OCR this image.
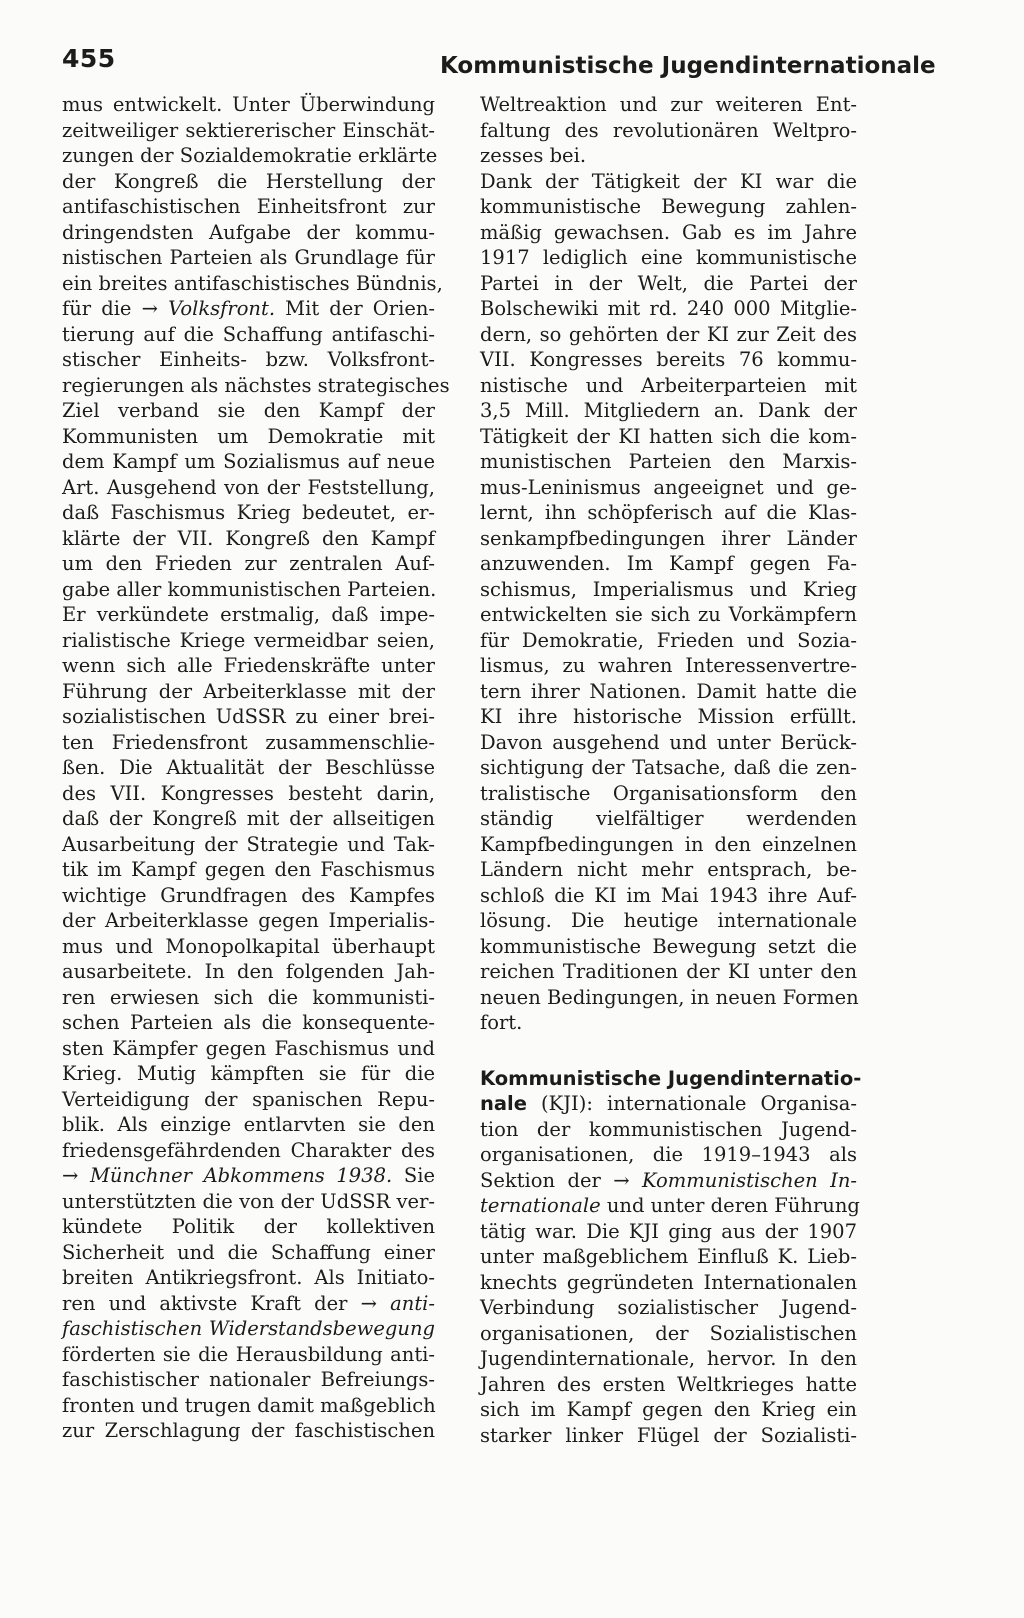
455	Kommunistische Jugendinternationale
mus entwickelt. Unter Überwindung
zeitweiliger sektiererischer Einschät-
zungen der Sozialdemokratie erklärte
der Kongreß die Herstellung der
antifaschistischen Einheitsfront zur
dringendsten Aufgabe der kommu-
nistischen Parteien als Grundlage für
ein breites antifaschistisches Bündnis,
für die → Volksfront. Mit der Orien-
tierung auf die Schaffung antifaschi-
stischer Einheits- bzw. Volksfront-
regierungen als nächstes strategisches
Ziel verband sie den Kampf der
Kommunisten um Demokratie mit
dem Kampf um Sozialismus auf neue
Art. Ausgehend von der Feststellung,
daß Faschismus Krieg bedeutet, er-
klärte der VII. Kongreß den Kampf
um den Frieden zur zentralen Auf-
gabe aller kommunistischen Parteien.
Er verkündete erstmalig, daß impe-
rialistische Kriege vermeidbar seien,
wenn sich alle Friedenskräfte unter
Führung der Arbeiterklasse mit der
sozialistischen UdSSR zu einer brei-
ten Friedensfront zusammenschlie-
ßen. Die Aktualität der Beschlüsse
des VII. Kongresses besteht darin,
daß der Kongreß mit der allseitigen
Ausarbeitung der Strategie und Tak-
tik im Kampf gegen den Faschismus
wichtige Grundfragen des Kampfes
der Arbeiterklasse gegen Imperialis-
mus und Monopolkapital überhaupt
ausarbeitete. In den folgenden Jah-
ren erwiesen sich die kommunisti-
schen Parteien als die konsequente-
sten Kämpfer gegen Faschismus und
Krieg. Mutig kämpften sie für die
Verteidigung der spanischen Repu-
blik. Als einzige entlarvten sie den
friedensgefährdenden Charakter des
→ Münchner Abkommens 1938. Sie
unterstützten die von der UdSSR ver-
kündete Politik der kollektiven
Sicherheit und die Schaffung einer
breiten Antikriegsfront. Als Initiato-
ren und aktivste Kraft der → anti-
faschistischen Widerstandsbewegung
förderten sie die Herausbildung anti-
faschistischer nationaler Befreiungs-
fronten und trugen damit maßgeblich
zur Zerschlagung der faschistischen
Weltreaktion und zur weiteren Ent-
faltung des revolutionären Weltpro-
zesses bei.
Dank der Tätigkeit der KI war die
kommunistische Bewegung zahlen-
mäßig gewachsen. Gab es im Jahre
1917 lediglich eine kommunistische
Partei in der Welt, die Partei der
Bolschewiki mit rd. 240 000 Mitglie-
dern, so gehörten der KI zur Zeit des
VII. Kongresses bereits 76 kommu-
nistische und Arbeiterparteien mit
3,5 Mill. Mitgliedern an. Dank der
Tätigkeit der KI hatten sich die kom-
munistischen Parteien den Marxis-
mus-Leninismus angeeignet und ge-
lernt, ihn schöpferisch auf die Klas-
senkampfbedingungen ihrer Länder
anzuwenden. Im Kampf gegen Fa-
schismus, Imperialismus und Krieg
entwickelten sie sich zu Vorkämpfern
für Demokratie, Frieden und Sozia-
lismus, zu wahren Interessenvertre-
tern ihrer Nationen. Damit hatte die
KI ihre historische Mission erfüllt.
Davon ausgehend und unter Berück-
sichtigung der Tatsache, daß die zen-
tralistische Organisationsform den
ständig vielfältiger werdenden
Kampfbedingungen in den einzelnen
Ländern nicht mehr entsprach, be-
schloß die KI im Mai 1943 ihre Auf-
lösung. Die heutige internationale
kommunistische Bewegung setzt die
reichen Traditionen der KI unter den
neuen Bedingungen, in neuen Formen
fort.
Kommunistische Jugendinternatio-
nale (KJI): internationale Organisa-
tion der kommunistischen Jugend-
organisationen, die 1919–1943 als
Sektion der → Kommunistischen In-
ternationale und unter deren Führung
tätig war. Die KJI ging aus der 1907
unter maßgeblichem Einfluß K. Lieb-
knechts gegründeten Internationalen
Verbindung sozialistischer Jugend-
organisationen, der Sozialistischen
Jugendinternationale, hervor. In den
Jahren des ersten Weltkrieges hatte
sich im Kampf gegen den Krieg ein
starker linker Flügel der Sozialisti-
